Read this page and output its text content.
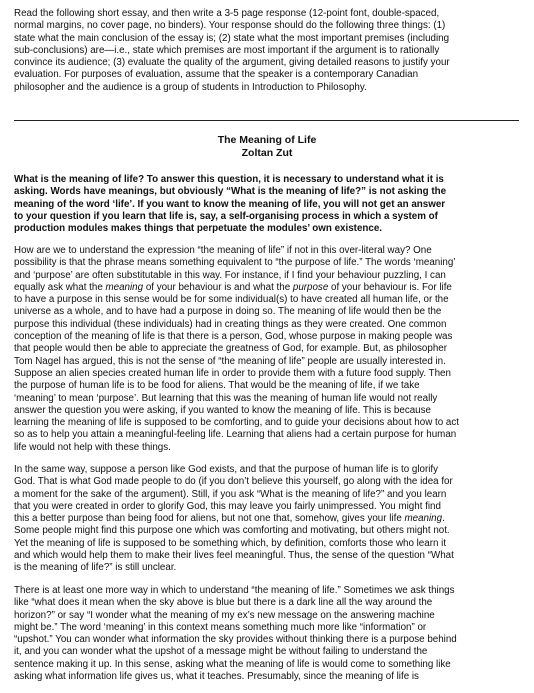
Read the following short essay, and then write a 3-5 page response (12-point font, double-spaced,
normal margins, no cover page, no binders). Your response should do the following three things: (1)
state what the main conclusion of the essay is; (2) state what the most important premises (including
sub-conclusions) are—i.e., state which premises are most important if the argument is to rationally
convince its audience; (3) evaluate the quality of the argument, giving detailed reasons to justify your
evaluation. For purposes of evaluation, assume that the speaker is a contemporary Canadian
philosopher and the audience is a group of students in Introduction to Philosophy.
The Meaning of Life
Zoltan Zut
What is the meaning of life? To answer this question, it is necessary to understand what it is
asking. Words have meanings, but obviously “What is the meaning of life?” is not asking the
meaning of the word ‘life’. If you want to know the meaning of life, you will not get an answer
to your question if you learn that life is, say, a self-organising process in which a system of
production modules makes things that perpetuate the modules’ own existence.
How are we to understand the expression “the meaning of life” if not in this over-literal way? One
possibility is that the phrase means something equivalent to “the purpose of life.” The words ‘meaning’
and ‘purpose’ are often substitutable in this way. For instance, if I find your behaviour puzzling, I can
equally ask what the meaning of your behaviour is and what the purpose of your behaviour is. For life
to have a purpose in this sense would be for some individual(s) to have created all human life, or the
universe as a whole, and to have had a purpose in doing so. The meaning of life would then be the
purpose this individual (these individuals) had in creating things as they were created. One common
conception of the meaning of life is that there is a person, God, whose purpose in making people was
that people would then be able to appreciate the greatness of God, for example. But, as philosopher
Tom Nagel has argued, this is not the sense of “the meaning of life” people are usually interested in.
Suppose an alien species created human life in order to provide them with a future food supply. Then
the purpose of human life is to be food for aliens. That would be the meaning of life, if we take
‘meaning’ to mean ‘purpose’. But learning that this was the meaning of human life would not really
answer the question you were asking, if you wanted to know the meaning of life. This is because
learning the meaning of life is supposed to be comforting, and to guide your decisions about how to act
so as to help you attain a meaningful-feeling life. Learning that aliens had a certain purpose for human
life would not help with these things.
In the same way, suppose a person like God exists, and that the purpose of human life is to glorify
God. That is what God made people to do (if you don’t believe this yourself, go along with the idea for
a moment for the sake of the argument). Still, if you ask “What is the meaning of life?” and you learn
that you were created in order to glorify God, this may leave you fairly unimpressed. You might find
this a better purpose than being food for aliens, but not one that, somehow, gives your life meaning.
Some people might find this purpose one which was comforting and motivating, but others might not.
Yet the meaning of life is supposed to be something which, by definition, comforts those who learn it
and which would help them to make their lives feel meaningful. Thus, the sense of the question “What
is the meaning of life?” is still unclear.
There is at least one more way in which to understand “the meaning of life.” Sometimes we ask things
like “what does it mean when the sky above is blue but there is a dark line all the way around the
horizon?” or say “I wonder what the meaning of my ex’s new message on the answering machine
might be.” The word ‘meaning’ in this context means something much more like “information” or
“upshot.” You can wonder what information the sky provides without thinking there is a purpose behind
it, and you can wonder what the upshot of a message might be without failing to understand the
sentence making it up. In this sense, asking what the meaning of life is would come to something like
asking what information life gives us, what it teaches. Presumably, since the meaning of life is
